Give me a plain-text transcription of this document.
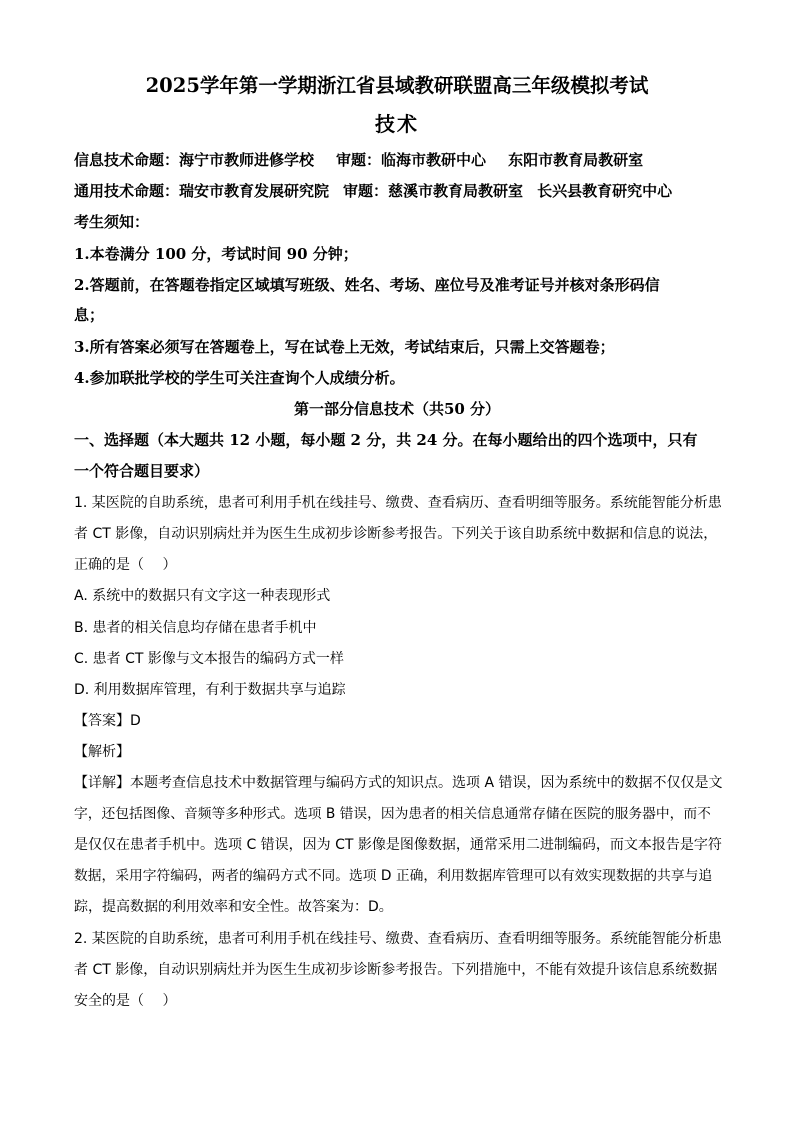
2025学年第一学期浙江省县域教研联盟高三年级模拟考试
技术
信息技术命题：海宁市教师进修学校 审题：临海市教研中心 东阳市教育局教研室
通用技术命题：瑞安市教育发展研究院 审题：慈溪市教育局教研室 长兴县教育研究中心
考生须知：
1.本卷满分 100 分，考试时间 90 分钟；
2.答题前，在答题卷指定区域填写班级、姓名、考场、座位号及准考证号并核对条形码信
息；
3.所有答案必须写在答题卷上，写在试卷上无效，考试结束后，只需上交答题卷；
4.参加联批学校的学生可关注查询个人成绩分析。
第一部分信息技术（共50 分）
一、选择题（本大题共 12 小题，每小题 2 分，共 24 分。在每小题给出的四个选项中，只有
一个符合题目要求）
1. 某医院的自助系统，患者可利用手机在线挂号、缴费、查看病历、查看明细等服务。系统能智能分析患
者 CT 影像，自动识别病灶并为医生生成初步诊断参考报告。下列关于该自助系统中数据和信息的说法，
正确的是（　 ）
A. 系统中的数据只有文字这一种表现形式
B. 患者的相关信息均存储在患者手机中
C. 患者 CT 影像与文本报告的编码方式一样
D. 利用数据库管理，有利于数据共享与追踪
【答案】D
【解析】
【详解】本题考查信息技术中数据管理与编码方式的知识点。选项 A 错误，因为系统中的数据不仅仅是文
字，还包括图像、音频等多种形式。选项 B 错误，因为患者的相关信息通常存储在医院的服务器中，而不
是仅仅在患者手机中。选项 C 错误，因为 CT 影像是图像数据，通常采用二进制编码，而文本报告是字符
数据，采用字符编码，两者的编码方式不同。选项 D 正确，利用数据库管理可以有效实现数据的共享与追
踪，提高数据的利用效率和安全性。故答案为：D。
2. 某医院的自助系统，患者可利用手机在线挂号、缴费、查看病历、查看明细等服务。系统能智能分析患
者 CT 影像，自动识别病灶并为医生生成初步诊断参考报告。下列措施中，不能有效提升该信息系统数据
安全的是（　 ）
